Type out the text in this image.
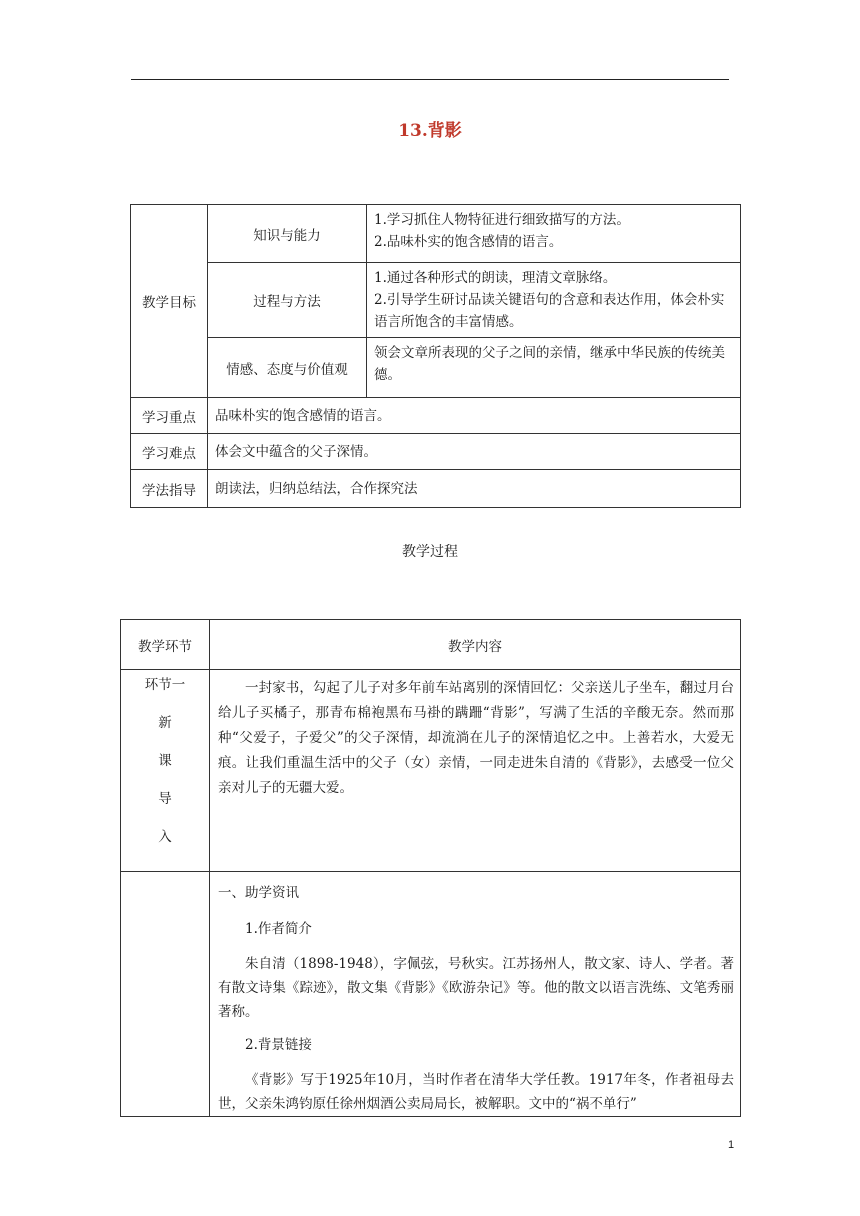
13.背影
教学目标	知识与能力	1.学习抓住人物特征进行细致描写的方法。
2.品味朴实的饱含感情的语言。

	过程与方法	1.通过各种形式的朗读，理清文章脉络。
2.引导学生研讨品读关键语句的含意和表达作用，体会朴实语言所饱含的丰富情感。

	情感、态度与价值观	领会文章所表现的父子之间的亲情，继承中华民族的传统美德。

学习重点	品味朴实的饱含感情的语言。	
学习难点	体会文中蕴含的父子深情。	
学法指导	朗读法，归纳总结法，合作探究法	
教学过程
教学环节	教学内容

环节一
新
课
导
入	一封家书，勾起了儿子对多年前车站离别的深情回忆：父亲送儿子坐车，翻过月台给儿子买橘子，那青布棉袍黑布马褂的蹒跚“背影”，写满了生活的辛酸无奈。然而那种“父爱子，子爱父”的父子深情，却流淌在儿子的深情追忆之中。上善若水，大爱无痕。让我们重温生活中的父子（女）亲情，一同走进朱自清的《背影》，去感受一位父亲对儿子的无疆大爱。

	一、助学资讯
1.作者简介
朱自清（1898-1948），字佩弦，号秋实。江苏扬州人，散文家、诗人、学者。著有散文诗集《踪迹》，散文集《背影》《欧游杂记》等。他的散文以语言洗练、文笔秀丽著称。
2.背景链接
《背影》写于1925年10月，当时作者在清华大学任教。1917年冬，作者祖母去世，父亲朱鸿钧原任徐州烟酒公卖局局长，被解职。文中的“祸不单行”
1
